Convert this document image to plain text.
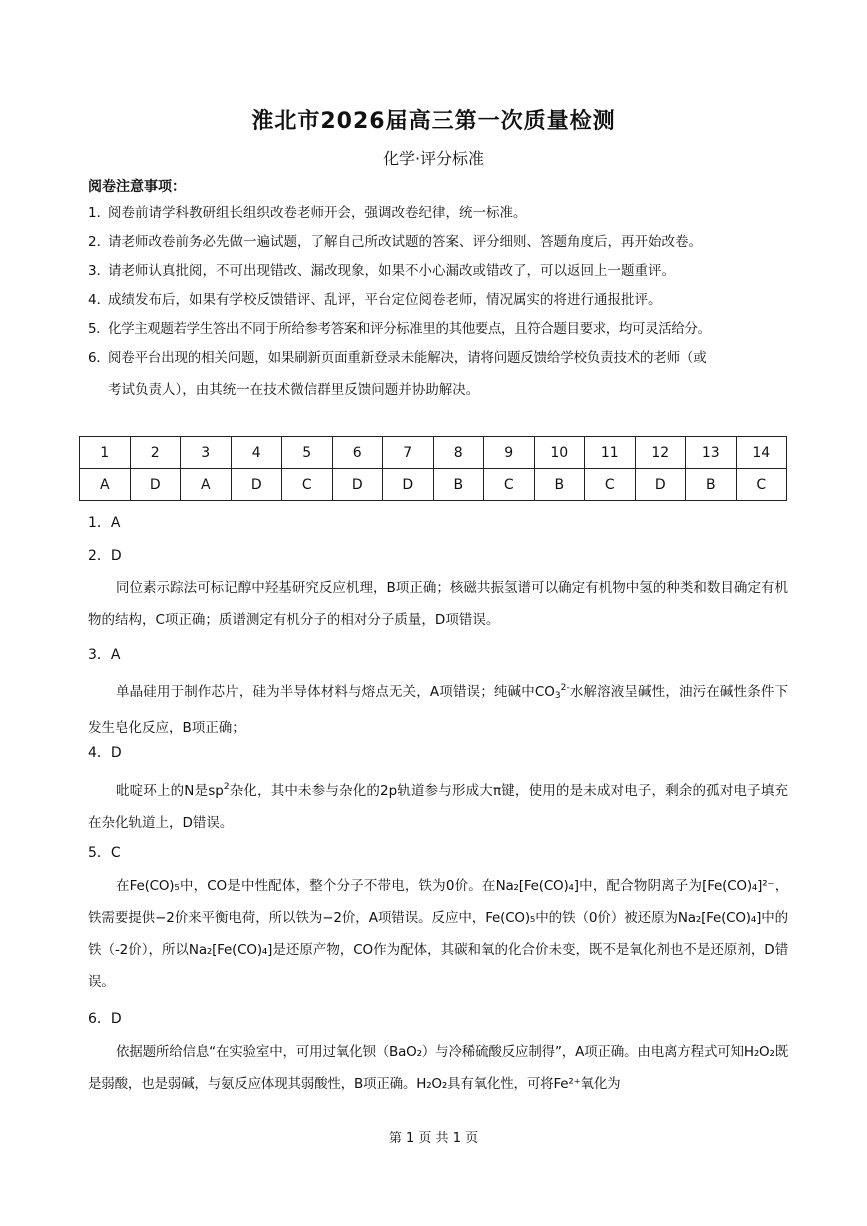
淮北市2026届高三第一次质量检测
化学·评分标准
阅卷注意事项：
1．阅卷前请学科教研组长组织改卷老师开会，强调改卷纪律，统一标准。
2．请老师改卷前务必先做一遍试题，了解自己所改试题的答案、评分细则、答题角度后，再开始改卷。
3．请老师认真批阅，不可出现错改、漏改现象，如果不小心漏改或错改了，可以返回上一题重评。
4．成绩发布后，如果有学校反馈错评、乱评，平台定位阅卷老师，情况属实的将进行通报批评。
5．化学主观题若学生答出不同于所给参考答案和评分标准里的其他要点，且符合题目要求，均可灵活给分。
6．阅卷平台出现的相关问题，如果刷新页面重新登录未能解决，请将问题反馈给学校负责技术的老师（或
考试负责人），由其统一在技术微信群里反馈问题并协助解决。
1	2	3	4	5	6	7	8	9	10	11	12	13	14
A	D	A	D	C	D	D	B	C	B	C	D	B	C
1．A
2．D
同位素示踪法可标记醇中羟基研究反应机理，B项正确；核磁共振氢谱可以确定有机物中氢的种类和数目确定有机物的结构，C项正确；质谱测定有机分子的相对分子质量，D项错误。
3．A
单晶硅用于制作芯片，硅为半导体材料与熔点无关，A项错误；纯碱中$CO3^{2-}$水解溶液呈碱性，油污在碱性条件下发生皂化反应，B项正确；
4．D
吡啶环上的N是$sp^2$杂化，其中未参与杂化的2p轨道参与形成大π键，使用的是未成对电子，剩余的孤对电子填充在杂化轨道上，D错误。
5．C
在Fe(CO)₅中，CO是中性配体，整个分子不带电，铁为0价。在Na₂[Fe(CO)₄]中，配合物阴离子为[Fe(CO)₄]²⁻，铁需要提供−2价来平衡电荷，所以铁为−2价，A项错误。反应中，Fe(CO)₅中的铁（0价）被还原为Na₂[Fe(CO)₄]中的铁（-2价），所以Na₂[Fe(CO)₄]是还原产物，CO作为配体，其碳和氧的化合价未变，既不是氧化剂也不是还原剂，D错误。
6．D
依据题所给信息“在实验室中，可用过氧化钡（BaO₂）与冷稀硫酸反应制得”，A项正确。由电离方程式可知H₂O₂既是弱酸，也是弱碱，与氨反应体现其弱酸性，B项正确。H₂O₂具有氧化性，可将Fe²⁺氧化为
第 1 页 共 1 页
